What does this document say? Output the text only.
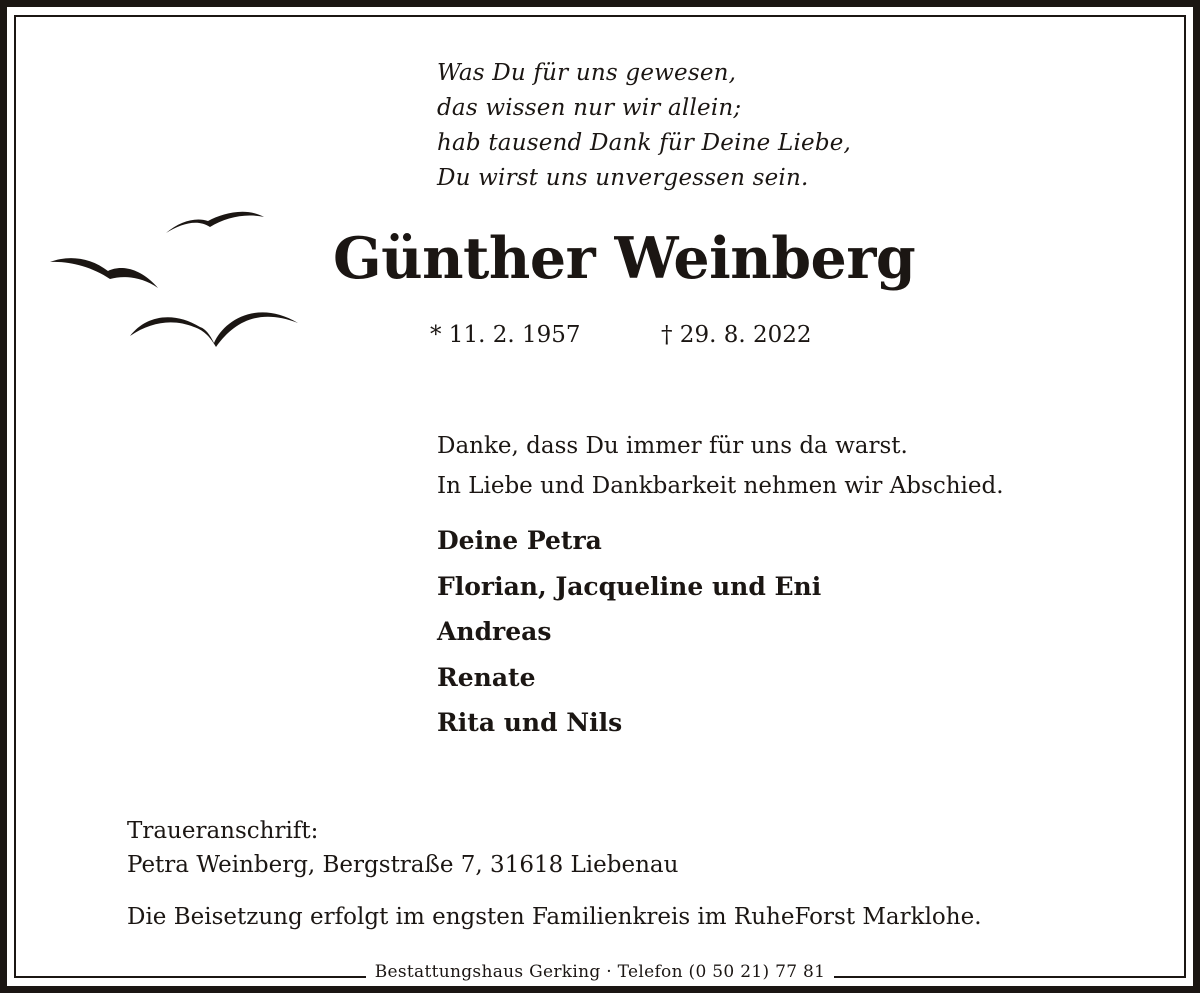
Was Du für uns gewesen,
das wissen nur wir allein;
hab tausend Dank für Deine Liebe,
Du wirst uns unvergessen sein.
Günther Weinberg
* 11. 2. 1957	† 29. 8. 2022
Danke, dass Du immer für uns da warst.
In Liebe und Dankbarkeit nehmen wir Abschied.
Deine Petra
Florian, Jacqueline und Eni
Andreas
Renate
Rita und Nils
Traueranschrift:
Petra Weinberg, Bergstraße 7, 31618 Liebenau
Die Beisetzung erfolgt im engsten Familienkreis im RuheForst Marklohe.
Bestattungshaus Gerking · Telefon (0 50 21) 77 81
